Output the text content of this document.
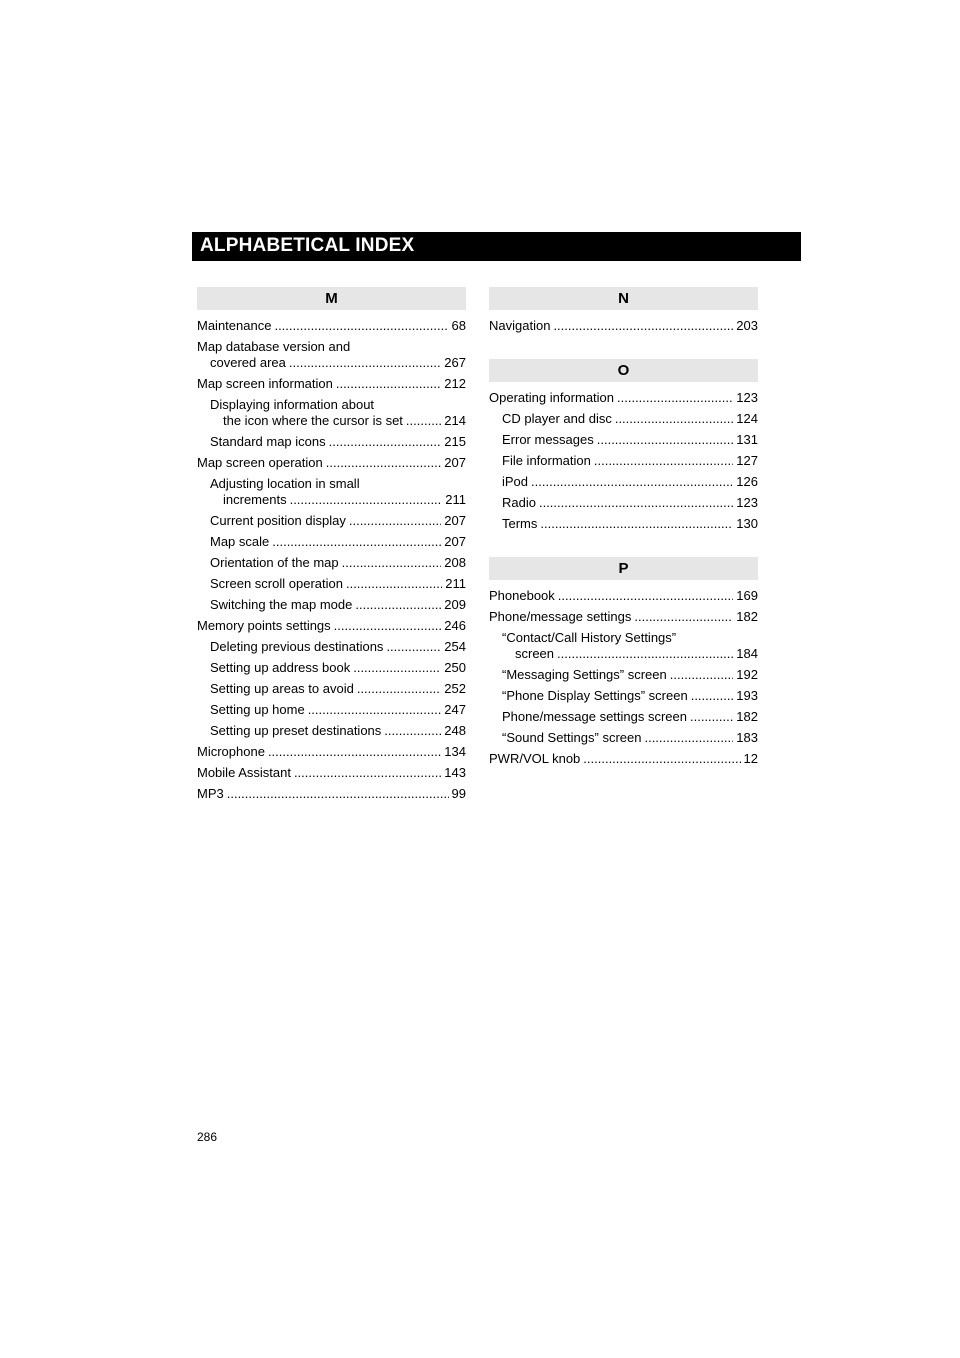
ALPHABETICAL INDEX
M
Maintenance .....	68
Map database version and
covered area .....	267
Map screen information .....	212
Displaying information about
the icon where the cursor is set .....	214
Standard map icons .....	215
Map screen operation .....	207
Adjusting location in small
increments .....	211
Current position display .....	207
Map scale .....	207
Orientation of the map .....	208
Screen scroll operation .....	211
Switching the map mode .....	209
Memory points settings .....	246
Deleting previous destinations .....	254
Setting up address book .....	250
Setting up areas to avoid .....	252
Setting up home .....	247
Setting up preset destinations .....	248
Microphone .....	134
Mobile Assistant .....	143
MP3 .....	99
N
Navigation .....	203
O
Operating information .....	123
CD player and disc .....	124
Error messages .....	131
File information .....	127
iPod .....	126
Radio .....	123
Terms .....	130
P
Phonebook .....	169
Phone/message settings .....	182
“Contact/Call History Settings”
screen .....	184
“Messaging Settings” screen .....	192
“Phone Display Settings” screen .....	193
Phone/message settings screen .....	182
“Sound Settings” screen .....	183
PWR/VOL knob .....	12
286
